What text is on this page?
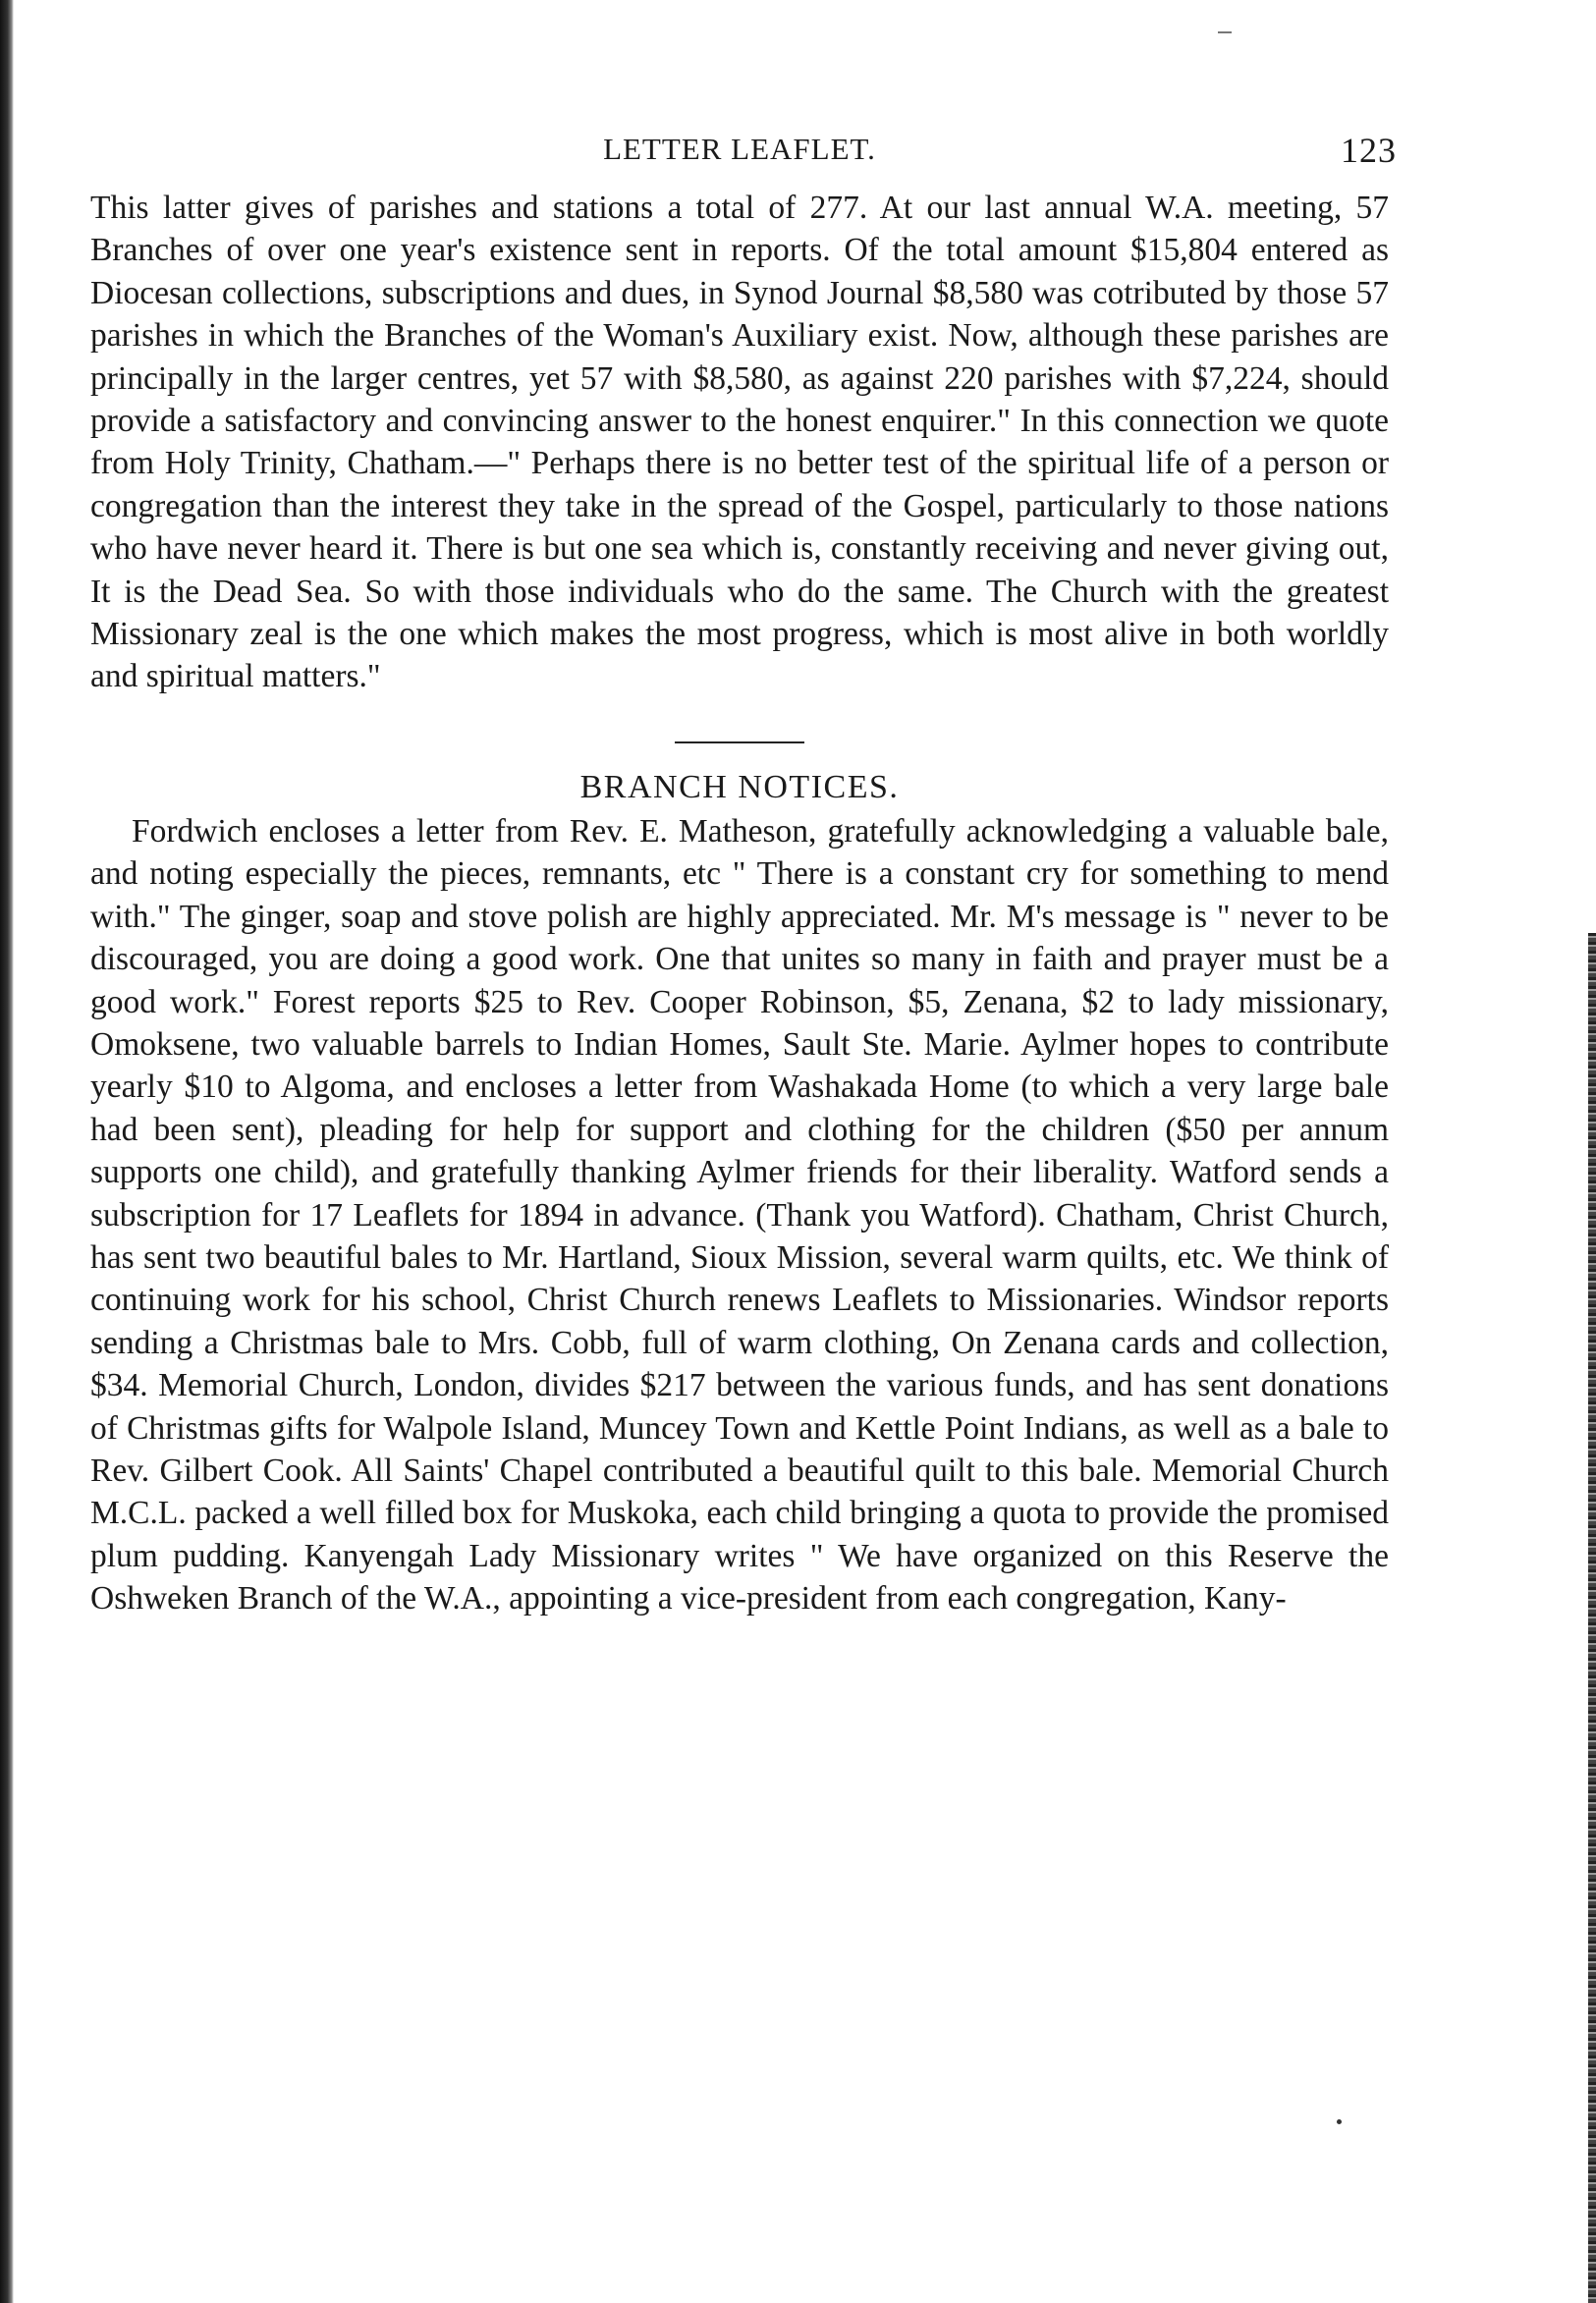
LETTER LEAFLET.	123

This latter gives of parishes and stations a total of 277. At our last annual W.A. meeting, 57 Branches of over one year's existence sent in reports. Of the total amount $15,804 entered as Diocesan collections, subscriptions and dues, in Synod Journal $8,580 was cotributed by those 57 parishes in which the Branches of the Woman's Auxiliary exist. Now, although these parishes are principally in the larger centres, yet 57 with $8,580, as against 220 parishes with $7,224, should provide a satisfactory and convincing answer to the honest enquirer." In this connection we quote from Holy Trinity, Chatham.—" Perhaps there is no better test of the spiritual life of a person or congregation than the interest they take in the spread of the Gospel, particularly to those nations who have never heard it. There is but one sea which is, constantly receiving and never giving out, It is the Dead Sea. So with those individuals who do the same. The Church with the greatest Missionary zeal is the one which makes the most progress, which is most alive in both worldly and spiritual matters."

BRANCH NOTICES.

Fordwich encloses a letter from Rev. E. Matheson, gratefully acknowledging a valuable bale, and noting especially the pieces, remnants, etc " There is a constant cry for something to mend with." The ginger, soap and stove polish are highly appreciated. Mr. M's message is " never to be discouraged, you are doing a good work. One that unites so many in faith and prayer must be a good work." Forest reports $25 to Rev. Cooper Robinson, $5, Zenana, $2 to lady missionary, Omoksene, two valuable barrels to Indian Homes, Sault Ste. Marie. Aylmer hopes to contribute yearly $10 to Algoma, and encloses a letter from Washakada Home (to which a very large bale had been sent), pleading for help for support and clothing for the children ($50 per annum supports one child), and gratefully thanking Aylmer friends for their liberality. Watford sends a subscription for 17 Leaflets for 1894 in advance. (Thank you Watford). Chatham, Christ Church, has sent two beautiful bales to Mr. Hartland, Sioux Mission, several warm quilts, etc. We think of continuing work for his school, Christ Church renews Leaflets to Missionaries. Windsor reports sending a Christmas bale to Mrs. Cobb, full of warm clothing, On Zenana cards and collection, $34. Memorial Church, London, divides $217 between the various funds, and has sent donations of Christmas gifts for Walpole Island, Muncey Town and Kettle Point Indians, as well as a bale to Rev. Gilbert Cook. All Saints' Chapel contributed a beautiful quilt to this bale. Memorial Church M.C.L. packed a well filled box for Muskoka, each child bringing a quota to provide the promised plum pudding. Kanyengah Lady Missionary writes " We have organized on this Reserve the Oshweken Branch of the W.A., appointing a vice-president from each congregation, Kany-
